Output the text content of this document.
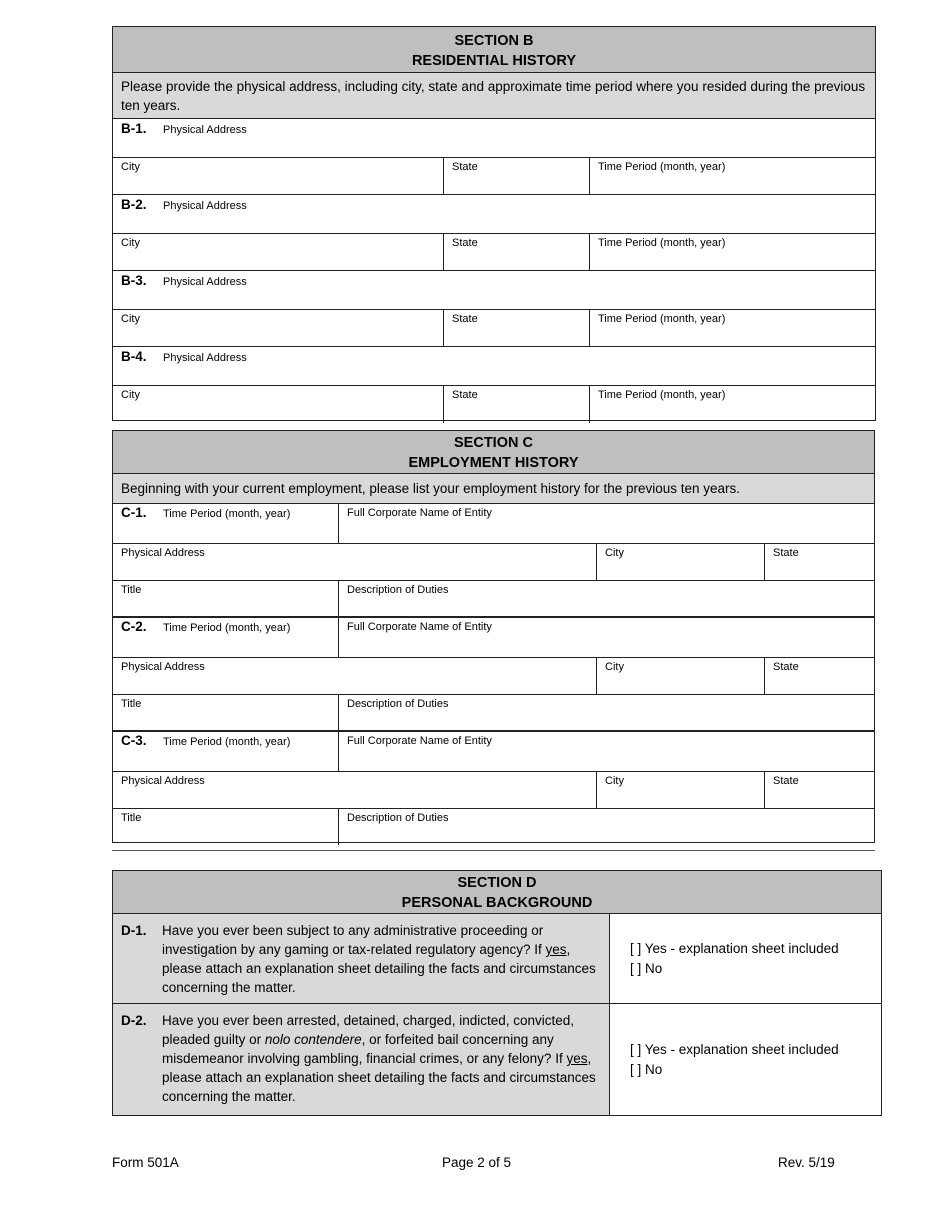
SECTION B
RESIDENTIAL HISTORY
Please provide the physical address, including city, state and approximate time period where you resided during the previous ten years.
B-1. Physical Address
City	State	Time Period (month, year)
B-2. Physical Address
City	State	Time Period (month, year)
B-3. Physical Address
City	State	Time Period (month, year)
B-4. Physical Address
City	State	Time Period (month, year)
SECTION C
EMPLOYMENT HISTORY
Beginning with your current employment, please list your employment history for the previous ten years.
C-1. Time Period (month, year)	Full Corporate Name of Entity
Physical Address	City	State
Title	Description of Duties
C-2. Time Period (month, year)	Full Corporate Name of Entity
Physical Address	City	State
Title	Description of Duties
C-3. Time Period (month, year)	Full Corporate Name of Entity
Physical Address	City	State
Title	Description of Duties
SECTION D
PERSONAL BACKGROUND
D-1.	Have you ever been subject to any administrative proceeding or investigation by any gaming or tax-related regulatory agency? If yes, please attach an explanation sheet detailing the facts and circumstances concerning the matter.
[ ] Yes - explanation sheet included
[ ] No
D-2.	Have you ever been arrested, detained, charged, indicted, convicted, pleaded guilty or nolo contendere, or forfeited bail concerning any misdemeanor involving gambling, financial crimes, or any felony? If yes, please attach an explanation sheet detailing the facts and circumstances concerning the matter.
[ ] Yes - explanation sheet included
[ ] No
Form 501A	Page 2 of 5	Rev. 5/19
